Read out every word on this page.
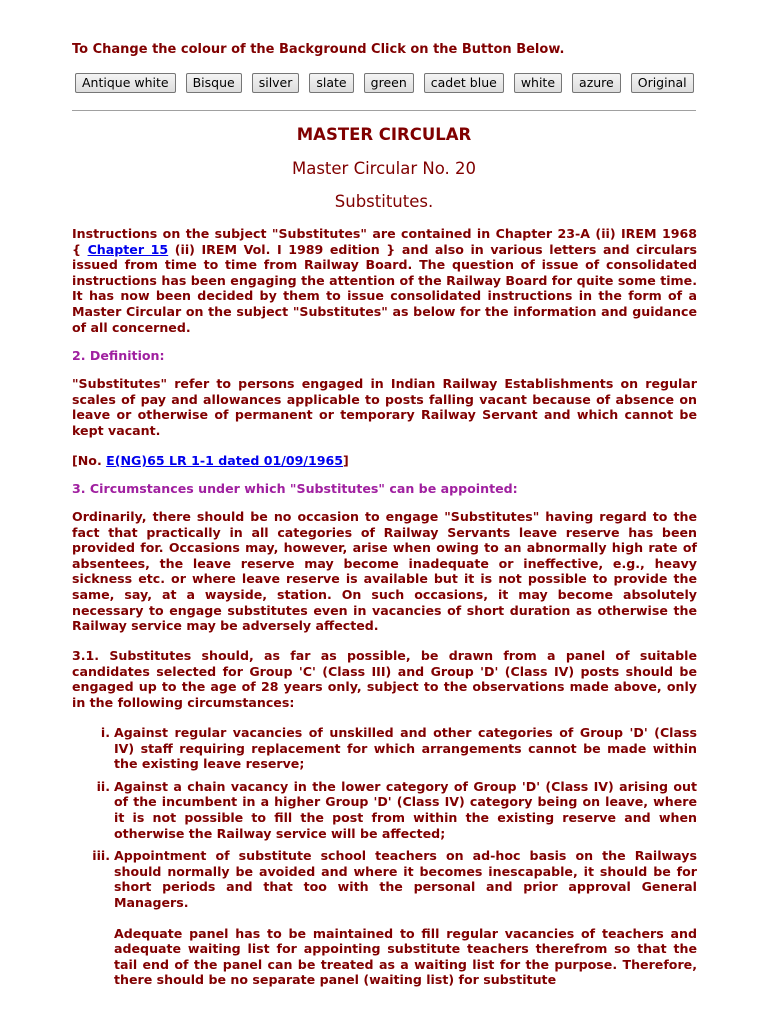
To Change the colour of the Background Click on the Button Below.
Antique white	Bisque	silver	slate	green	cadet blue	white	azure	Original
MASTER CIRCULAR
Master Circular No. 20
Substitutes.

Instructions on the subject "Substitutes" are contained in Chapter 23-A (ii) IREM 1968 { Chapter 15 (ii) IREM Vol. I 1989 edition } and also in various letters and circulars issued from time to time from Railway Board. The question of issue of consolidated instructions has been engaging the attention of the Railway Board for quite some time. It has now been decided by them to issue consolidated instructions in the form of a Master Circular on the subject "Substitutes" as below for the information and guidance of all concerned.

2. Definition:

"Substitutes" refer to persons engaged in Indian Railway Establishments on regular scales of pay and allowances applicable to posts falling vacant because of absence on leave or otherwise of permanent or temporary Railway Servant and which cannot be kept vacant.

[No. E(NG)65 LR 1-1 dated 01/09/1965]

3. Circumstances under which "Substitutes" can be appointed:

Ordinarily, there should be no occasion to engage "Substitutes" having regard to the fact that practically in all categories of Railway Servants leave reserve has been provided for. Occasions may, however, arise when owing to an abnormally high rate of absentees, the leave reserve may become inadequate or ineffective, e.g., heavy sickness etc. or where leave reserve is available but it is not possible to provide the same, say, at a wayside, station. On such occasions, it may become absolutely necessary to engage substitutes even in vacancies of short duration as otherwise the Railway service may be adversely affected.

3.1. Substitutes should, as far as possible, be drawn from a panel of suitable candidates selected for Group 'C' (Class III) and Group 'D' (Class IV) posts should be engaged up to the age of 28 years only, subject to the observations made above, only in the following circumstances:

i. Against regular vacancies of unskilled and other categories of Group 'D' (Class IV) staff requiring replacement for which arrangements cannot be made within the existing leave reserve;
ii. Against a chain vacancy in the lower category of Group 'D' (Class IV) arising out of the incumbent in a higher Group 'D' (Class IV) category being on leave, where it is not possible to fill the post from within the existing reserve and when otherwise the Railway service will be affected;
iii. Appointment of substitute school teachers on ad-hoc basis on the Railways should normally be avoided and where it becomes inescapable, it should be for short periods and that too with the personal and prior approval General Managers.
Adequate panel has to be maintained to fill regular vacancies of teachers and adequate waiting list for appointing substitute teachers therefrom so that the tail end of the panel can be treated as a waiting list for the purpose. Therefore, there should be no separate panel (waiting list) for substitute
